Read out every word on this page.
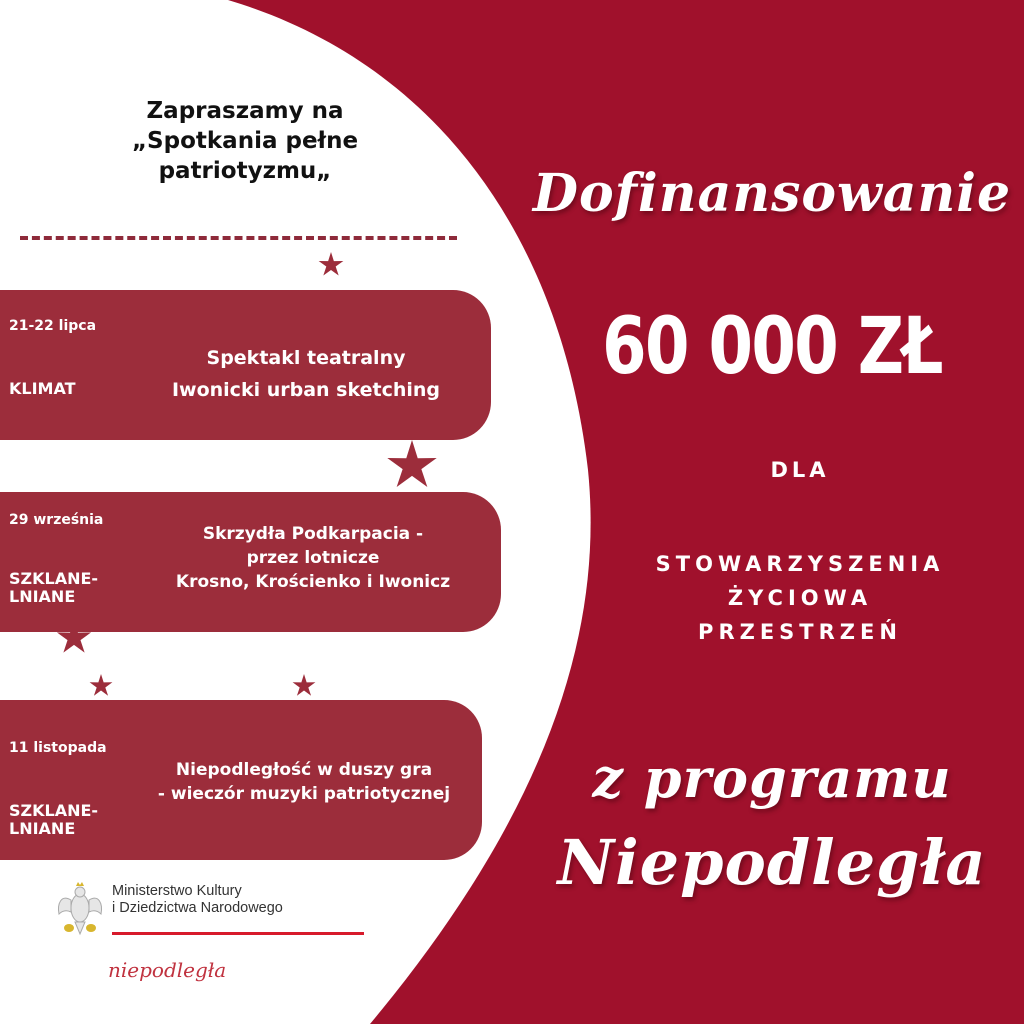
Zapraszamy na
„Spotkania pełne
patriotyzmu„
21-22 lipca
KLIMAT
Spektakl teatralny
Iwonicki urban sketching
29 września
SZKLANE-
LNIANE
Skrzydła Podkarpacia -
przez lotnicze
Krosno, Krościenko i Iwonicz
11 listopada
SZKLANE-
LNIANE
Niepodległość w duszy gra
- wieczór muzyki patriotycznej
Ministerstwo Kultury
i Dziedzictwa Narodowego
niepodległa
Dofinansowanie
60 000 ZŁ
DLA
STOWARZYSZENIA
ŻYCIOWA
PRZESTRZEŃ
z programu
Niepodległa
